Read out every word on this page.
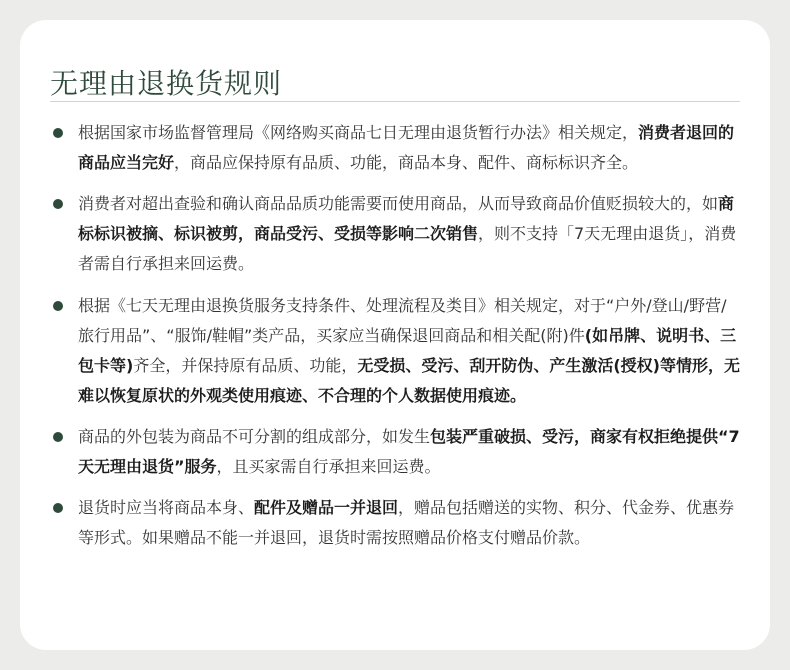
无理由退换货规则
根据国家市场监督管理局《网络购买商品七日无理由退货暂行办法》相关规定，消费者退回的商品应当完好，商品应保持原有品质、功能，商品本身、配件、商标标识齐全。
消费者对超出查验和确认商品品质功能需要而使用商品，从而导致商品价值贬损较大的，如商标标识被摘、标识被剪，商品受污、受损等影响二次销售，则不支持「7天无理由退货」，消费者需自行承担来回运费。
根据《七天无理由退换货服务支持条件、处理流程及类目》相关规定，对于“户外/登山/野营/旅行用品”、“服饰/鞋帽”类产品，买家应当确保退回商品和相关配(附)件(如吊牌、说明书、三包卡等)齐全，并保持原有品质、功能，无受损、受污、刮开防伪、产生激活(授权)等情形，无难以恢复原状的外观类使用痕迹、不合理的个人数据使用痕迹。
商品的外包装为商品不可分割的组成部分，如发生包装严重破损、受污，商家有权拒绝提供“7天无理由退货”服务，且买家需自行承担来回运费。
退货时应当将商品本身、配件及赠品一并退回，赠品包括赠送的实物、积分、代金券、优惠券等形式。如果赠品不能一并退回，退货时需按照赠品价格支付赠品价款。
